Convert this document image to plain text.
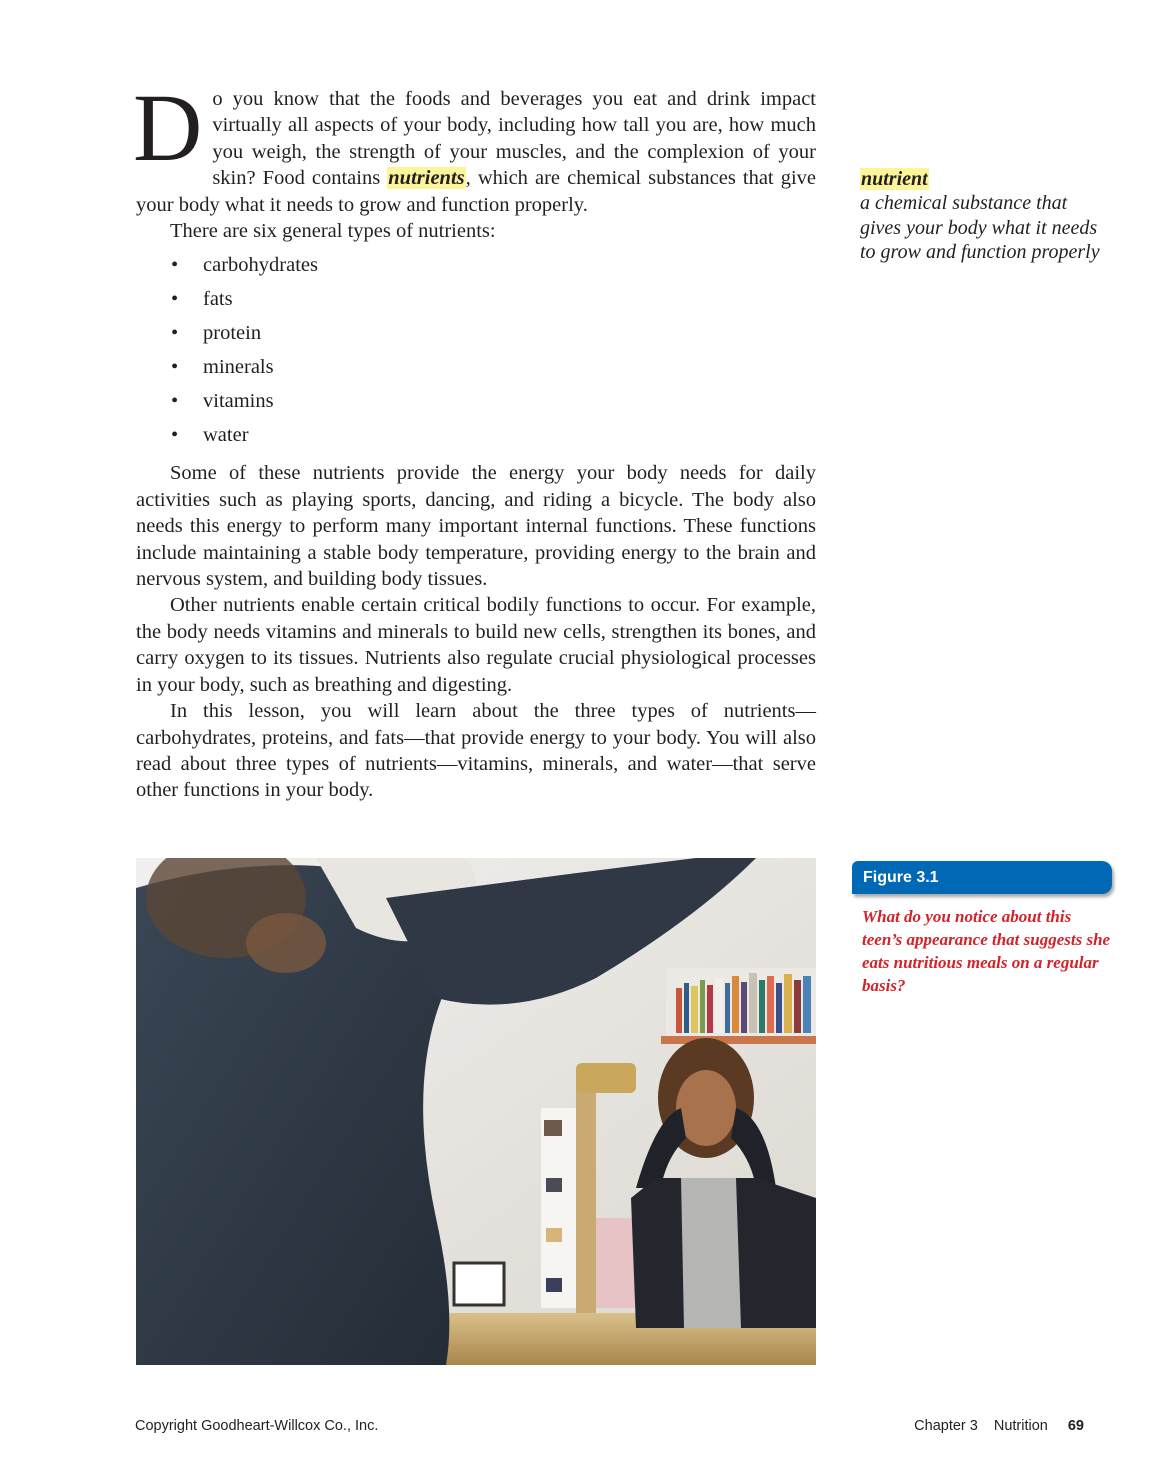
Do you know that the foods and beverages you eat and drink impact virtually all aspects of your body, including how tall you are, how much you weigh, the strength of your muscles, and the complexion of your skin? Food contains nutrients, which are chemical substances that give your body what it needs to grow and function properly.

There are six general types of nutrients:

• carbohydrates
• fats
• protein
• minerals
• vitamins
• water

Some of these nutrients provide the energy your body needs for daily activities such as playing sports, dancing, and riding a bicycle. The body also needs this energy to perform many important internal functions. These functions include maintaining a stable body temperature, providing energy to the brain and nervous system, and building body tissues.

Other nutrients enable certain critical bodily functions to occur. For example, the body needs vitamins and minerals to build new cells, strengthen its bones, and carry oxygen to its tissues. Nutrients also regulate crucial physiological processes in your body, such as breathing and digesting.

In this lesson, you will learn about the three types of nutrients—carbohydrates, proteins, and fats—that provide energy to your body. You will also read about three types of nutrients—vitamins, minerals, and water—that serve other functions in your body.

nutrient
a chemical substance that gives your body what it needs to grow and function properly
Figure 3.1
What do you notice about this teen’s appearance that suggests she eats nutritious meals on a regular basis?
Copyright Goodheart-Willcox Co., Inc.	Chapter 3 Nutrition 69
